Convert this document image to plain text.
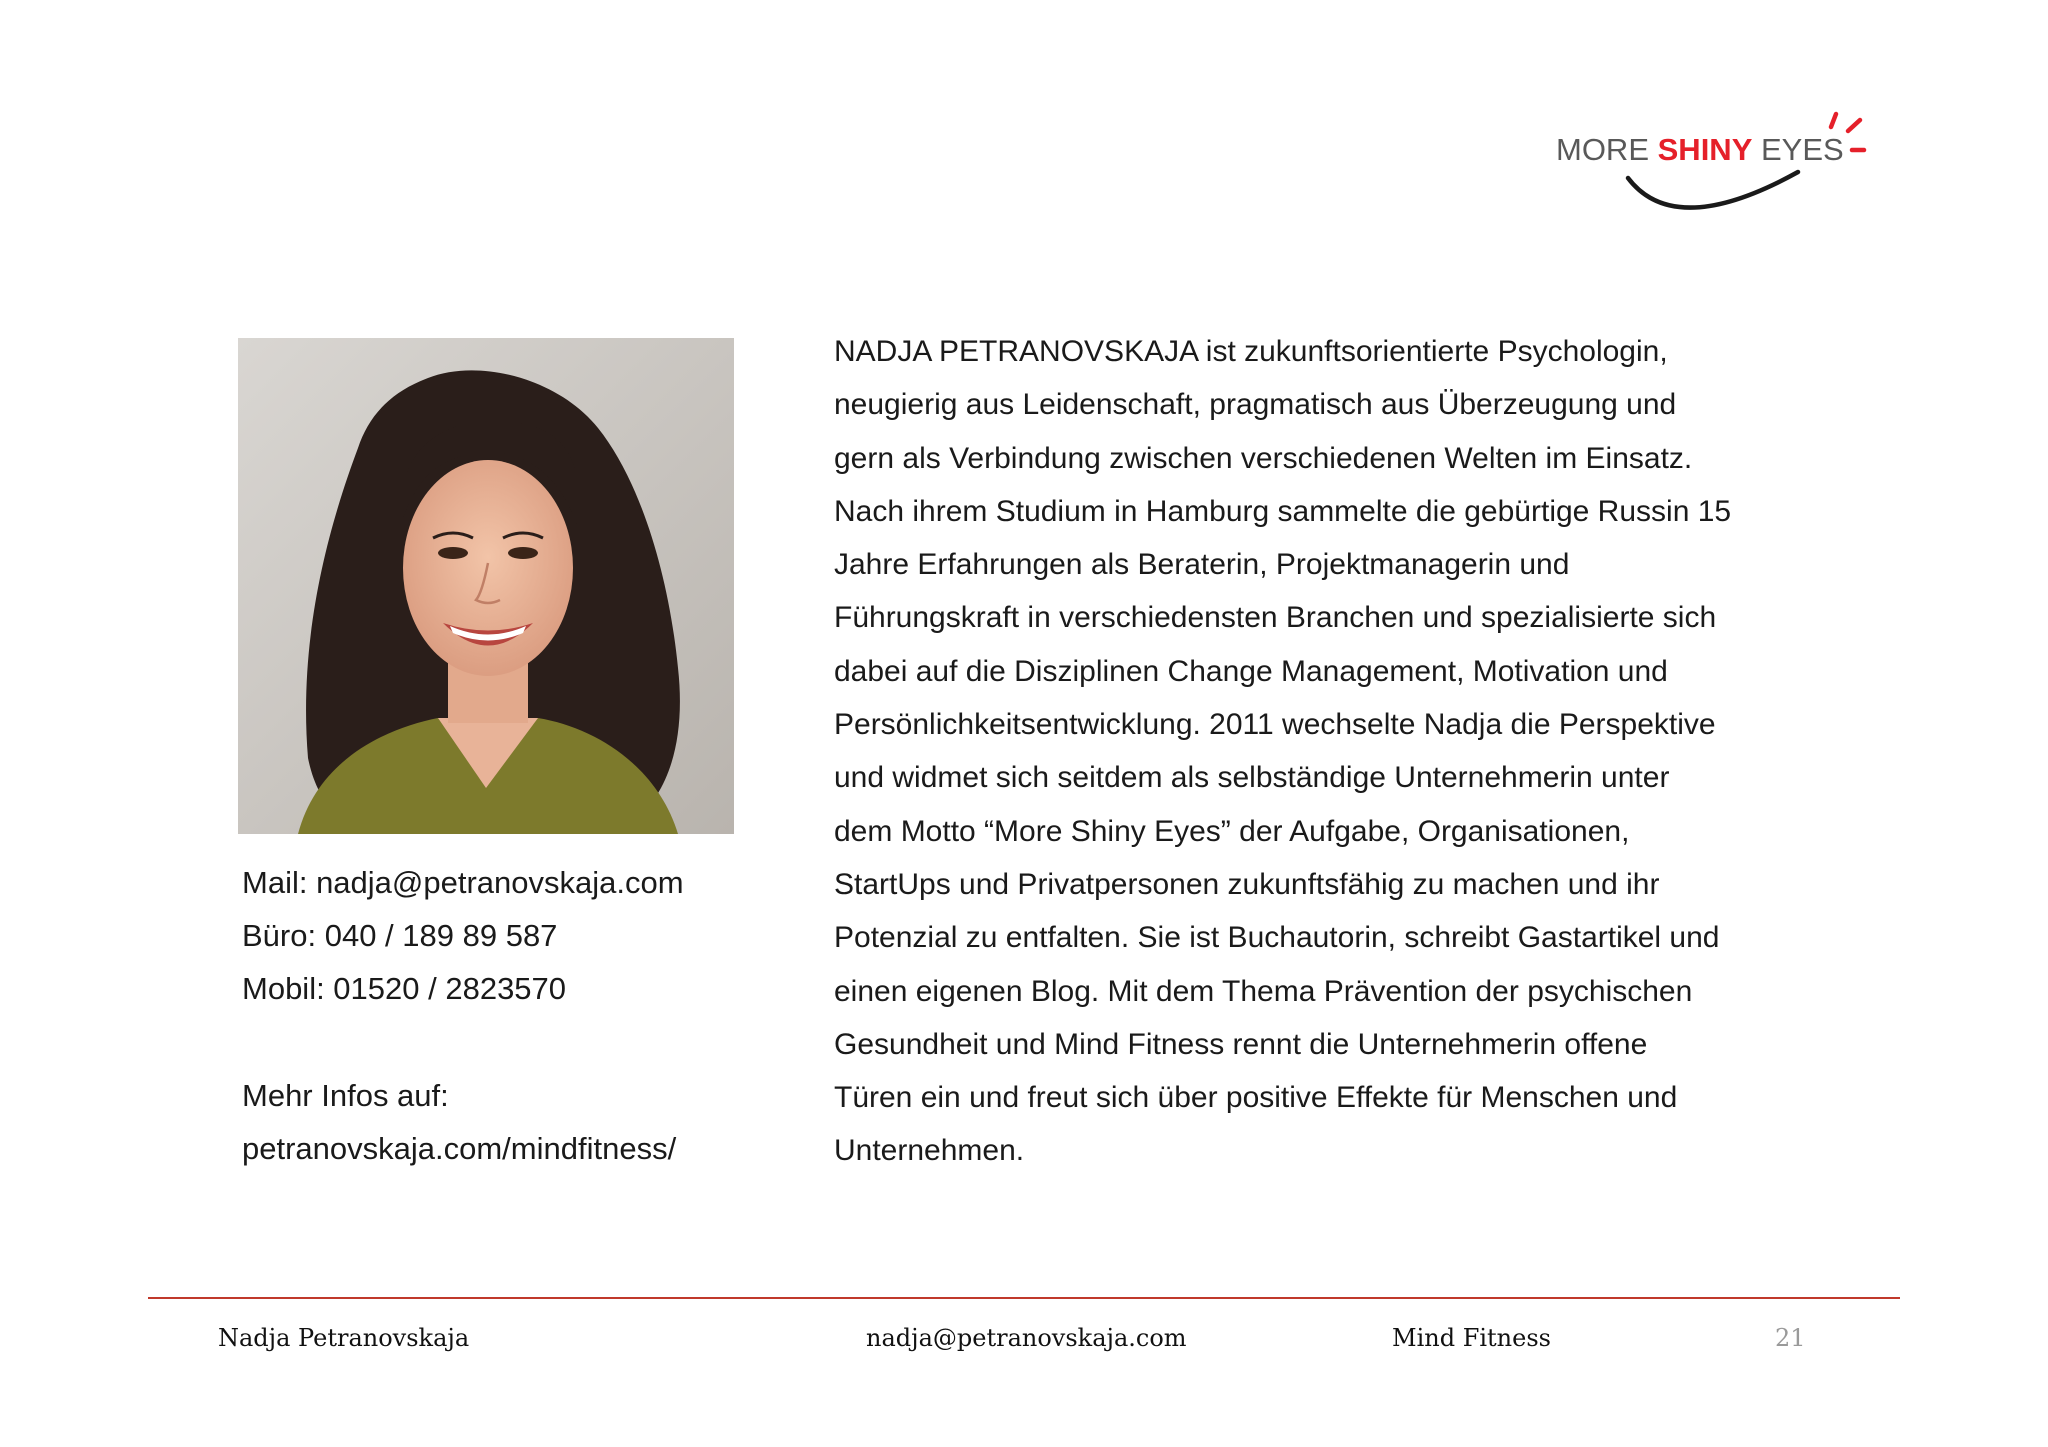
MORE SHINY EYES
Mail: nadja@petranovskaja.com
Büro: 040 / 189 89 587
Mobil: 01520 / 2823570
Mehr Infos auf:
petranovskaja.com/mindfitness/
NADJA PETRANOVSKAJA ist zukunftsorientierte Psychologin,
neugierig aus Leidenschaft, pragmatisch aus Überzeugung und
gern als Verbindung zwischen verschiedenen Welten im Einsatz.
Nach ihrem Studium in Hamburg sammelte die gebürtige Russin 15
Jahre Erfahrungen als Beraterin, Projektmanagerin und
Führungskraft in verschiedensten Branchen und spezialisierte sich
dabei auf die Disziplinen Change Management, Motivation und
Persönlichkeitsentwicklung. 2011 wechselte Nadja die Perspektive
und widmet sich seitdem als selbständige Unternehmerin unter
dem Motto “More Shiny Eyes” der Aufgabe, Organisationen,
StartUps und Privatpersonen zukunftsfähig zu machen und ihr
Potenzial zu entfalten. Sie ist Buchautorin, schreibt Gastartikel und
einen eigenen Blog. Mit dem Thema Prävention der psychischen
Gesundheit und Mind Fitness rennt die Unternehmerin offene
Türen ein und freut sich über positive Effekte für Menschen und
Unternehmen.
Nadja Petranovskaja	nadja@petranovskaja.com	Mind Fitness	21
